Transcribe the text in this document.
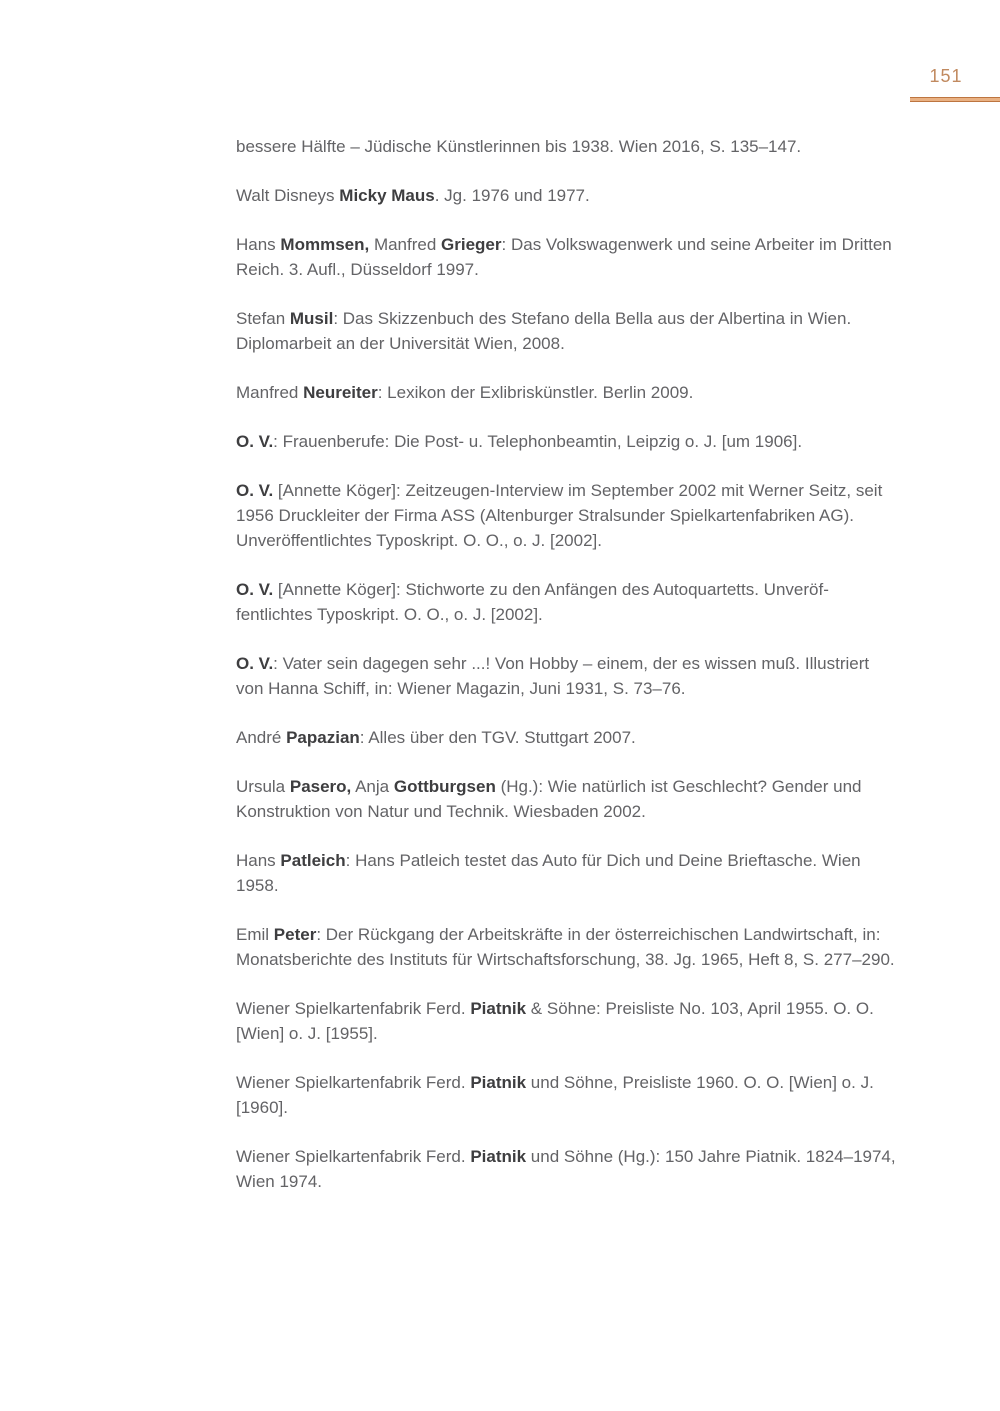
151

bessere Hälfte – Jüdische Künstlerinnen bis 1938. Wien 2016, S. 135–147.

Walt Disneys Micky Maus. Jg. 1976 und 1977.

Hans Mommsen, Manfred Grieger: Das Volkswagenwerk und seine Arbeiter im Dritten Reich. 3. Aufl., Düsseldorf 1997.

Stefan Musil: Das Skizzenbuch des Stefano della Bella aus der Albertina in Wien. Diplomarbeit an der Universität Wien, 2008.

Manfred Neureiter: Lexikon der Exlibriskünstler. Berlin 2009.

O. V.: Frauenberufe: Die Post- u. Telephonbeamtin, Leipzig o. J. [um 1906].

O. V. [Annette Köger]: Zeitzeugen-Interview im September 2002 mit Werner Seitz, seit 1956 Druckleiter der Firma ASS (Altenburger Stralsunder Spielkartenfabriken AG). Unveröffentlichtes Typoskript. O. O., o. J. [2002].

O. V. [Annette Köger]: Stichworte zu den Anfängen des Autoquartetts. Unveröffentlichtes Typoskript. O. O., o. J. [2002].

O. V.: Vater sein dagegen sehr ...! Von Hobby – einem, der es wissen muß. Illustriert von Hanna Schiff, in: Wiener Magazin, Juni 1931, S. 73–76.

André Papazian: Alles über den TGV. Stuttgart 2007.

Ursula Pasero, Anja Gottburgsen (Hg.): Wie natürlich ist Geschlecht? Gender und Konstruktion von Natur und Technik. Wiesbaden 2002.

Hans Patleich: Hans Patleich testet das Auto für Dich und Deine Brieftasche. Wien 1958.

Emil Peter: Der Rückgang der Arbeitskräfte in der österreichischen Landwirtschaft, in: Monatsberichte des Instituts für Wirtschaftsforschung, 38. Jg. 1965, Heft 8, S. 277–290.

Wiener Spielkartenfabrik Ferd. Piatnik & Söhne: Preisliste No. 103, April 1955. O. O. [Wien] o. J. [1955].

Wiener Spielkartenfabrik Ferd. Piatnik und Söhne, Preisliste 1960. O. O. [Wien] o. J. [1960].

Wiener Spielkartenfabrik Ferd. Piatnik und Söhne (Hg.): 150 Jahre Piatnik. 1824–1974, Wien 1974.
